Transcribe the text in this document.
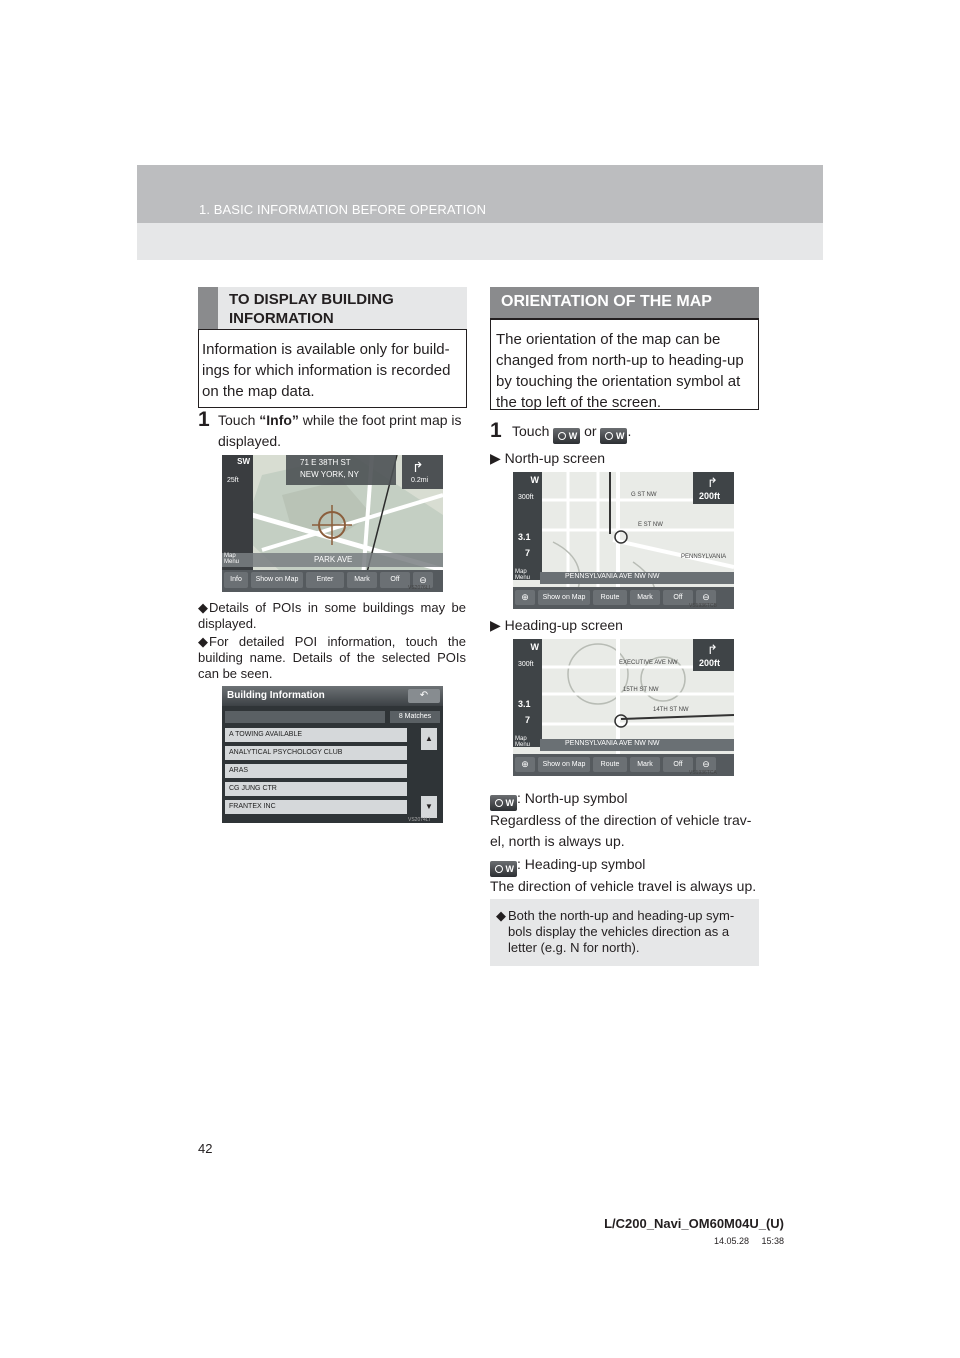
1. BASIC INFORMATION BEFORE OPERATION
TO DISPLAY BUILDING
INFORMATION
Information is available only for build-
ings for which information is recorded
on the map data.
1 Touch “Info” while the foot print map is
displayed.
SW	71 E 38TH ST
NEW YORK, NY
25ft
↱
0.2mi
PARK AVE
Map Menu
Info	Show on Map	Enter	Mark	Off	⊖
VS2076LI
◆Details of POIs in some buildings may be displayed.
◆For detailed POI information, touch the building name. Details of the selected POIs can be seen.
Building Information	↶
8 Matches
A TOWING AVAILABLE
ANALYTICAL PSYCHOLOGY CLUB
ARAS
CG JUNG CTR
FRANTEX INC
▲
▼
VS2074LI
ORIENTATION OF THE MAP
The orientation of the map can be
changed from north-up to heading-up
by touching the orientation symbol at
the top left of the screen.
1 Touch W or W .
▶ North-up screen
W
300ft
3.1
7
Map Menu
G ST NW
E ST NW
PENNSYLVANIA
↱
200ft
PENNSYLVANIA AVE NW NW
⊕	Show on Map	Route	Mark	Off	⊖
VS1936TCB
▶ Heading-up screen
W
300ft
3.1
7
Map Menu
EXECUTIVE AVE NW
15TH ST NW
14TH ST NW
↱
200ft
PENNSYLVANIA AVE NW NW
⊕	Show on Map	Route	Mark	Off	⊖
VS1936TCA
W : North-up symbol
Regardless of the direction of vehicle trav-
el, north is always up.
W : Heading-up symbol
The direction of vehicle travel is always up.
◆ Both the north-up and heading-up sym-
bols display the vehicles direction as a
letter (e.g. N for north).
42
L/C200_Navi_OM60M04U_(U)
14.05.28     15:38
